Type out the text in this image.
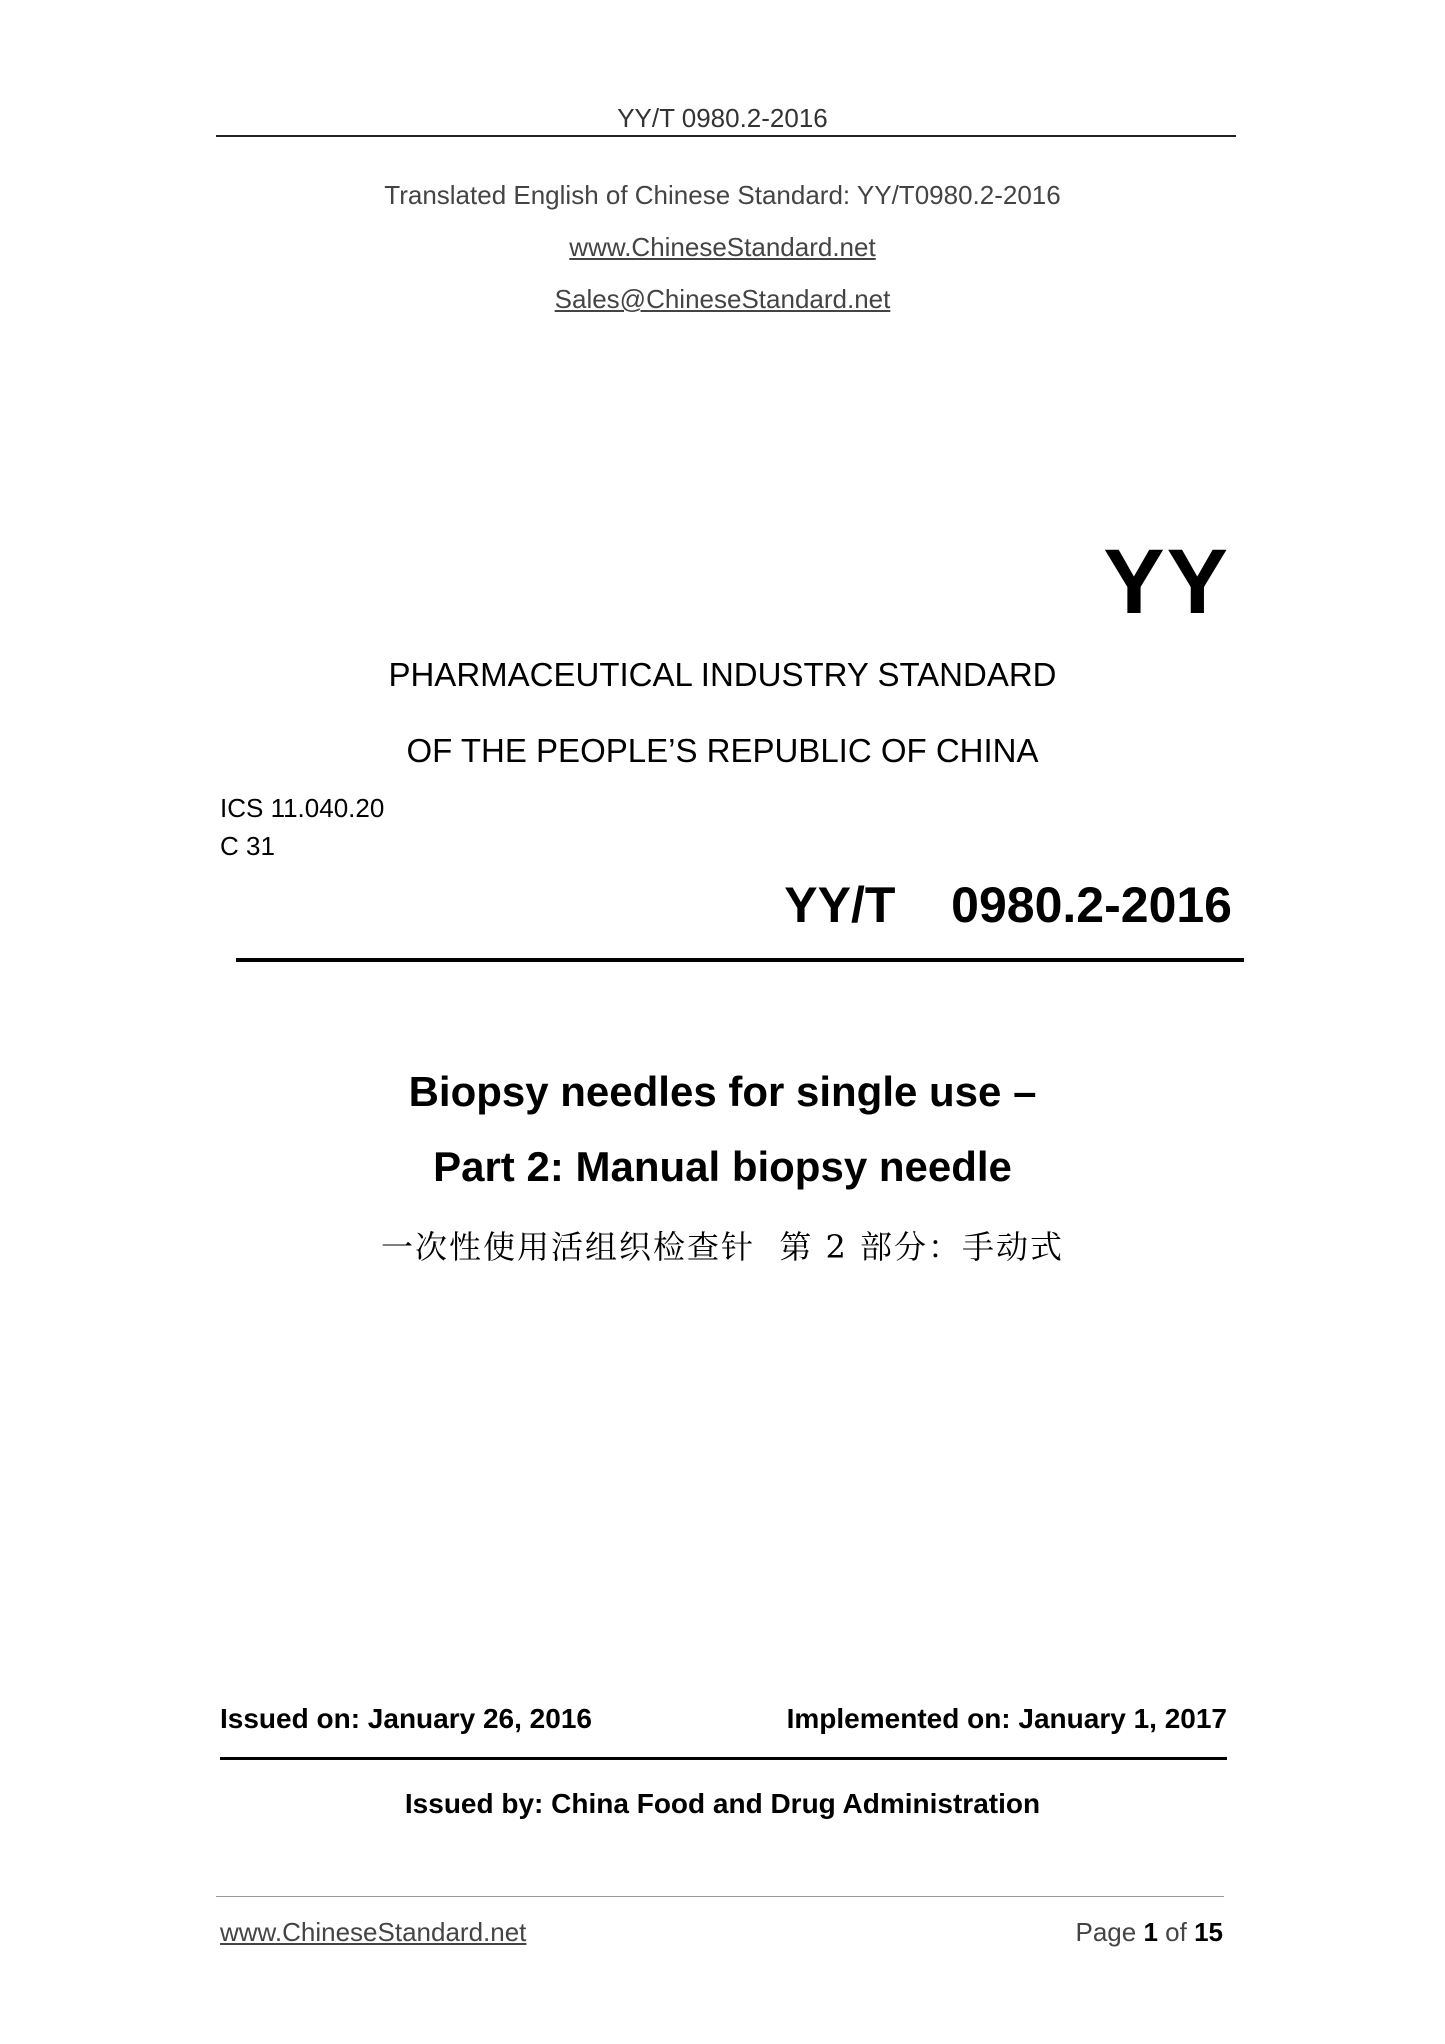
YY/T 0980.2-2016
Translated English of Chinese Standard: YY/T0980.2-2016
www.ChineseStandard.net
Sales@ChineseStandard.net
YY
PHARMACEUTICAL INDUSTRY STANDARD
OF THE PEOPLE’S REPUBLIC OF CHINA
ICS 11.040.20
C 31
YY/T  0980.2-2016
Biopsy needles for single use –
Part 2: Manual biopsy needle
一次性使用活组织检查针  第 2 部分：手动式
Issued on: January 26, 2016	Implemented on: January 1, 2017
Issued by: China Food and Drug Administration
www.ChineseStandard.net	Page 1 of 15
